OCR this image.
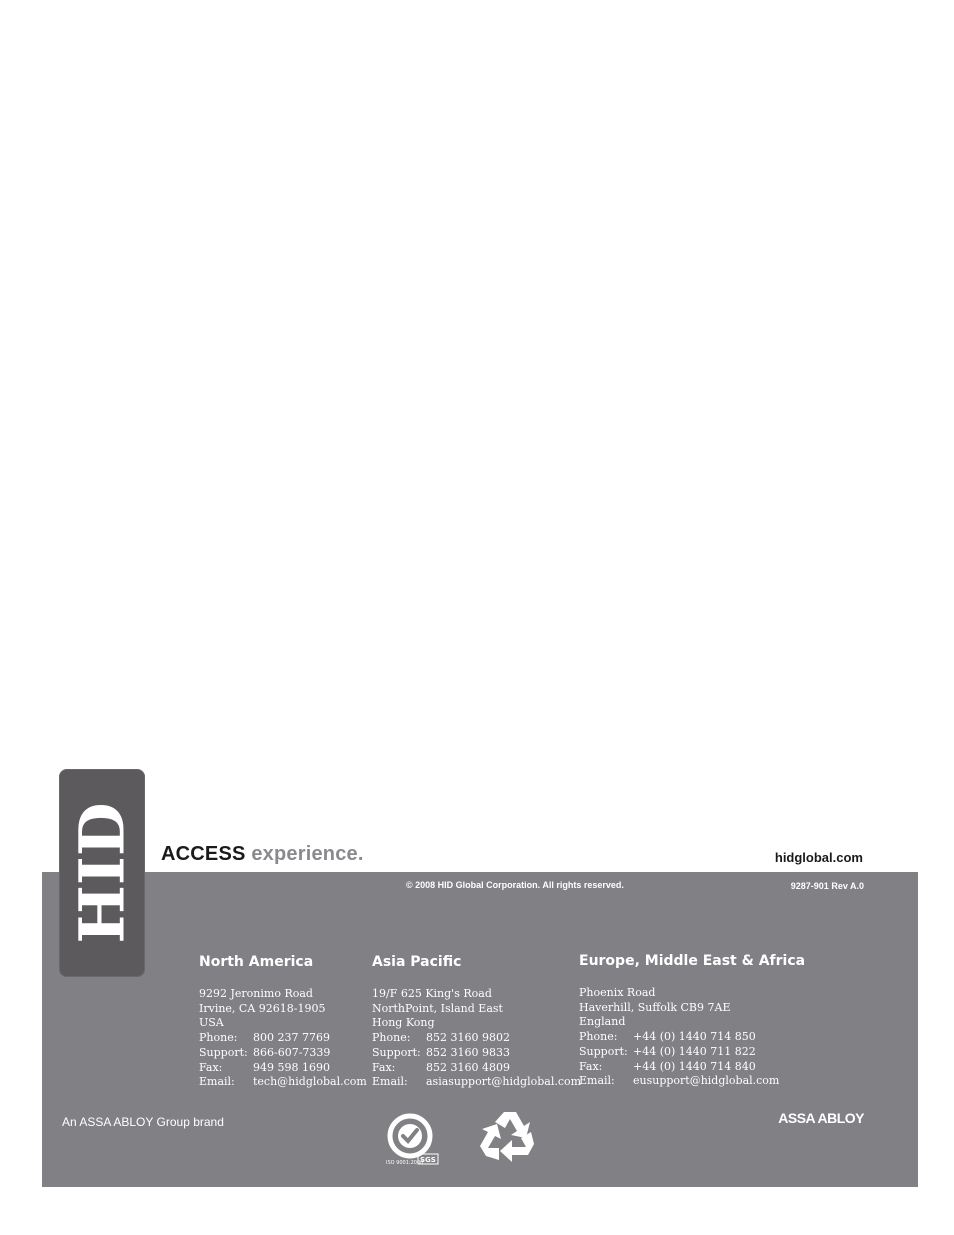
HID ACCESS experience.	hidglobal.com
© 2008 HID Global Corporation. All rights reserved.	9287-901 Rev A.0
North America
9292 Jeronimo Road
Irvine, CA 92618-1905
USA
Phone:	800 237 7769
Support: 866-607-7339
Fax:	949 598 1690
Email:	tech@hidglobal.com
Asia Pacific
19/F 625 King's Road
NorthPoint, Island East
Hong Kong
Phone:	852 3160 9802
Support: 852 3160 9833
Fax:	852 3160 4809
Email:	asiasupport@hidglobal.com
Europe, Middle East & Africa
Phoenix Road
Haverhill, Suffolk CB9 7AE
England
Phone:	+44 (0) 1440 714 850
Support: +44 (0) 1440 711 822
Fax:	+44 (0) 1440 714 840
Email:	eusupport@hidglobal.com
An ASSA ABLOY Group brand
ISO 9001:2000
SGS
ASSA ABLOY
